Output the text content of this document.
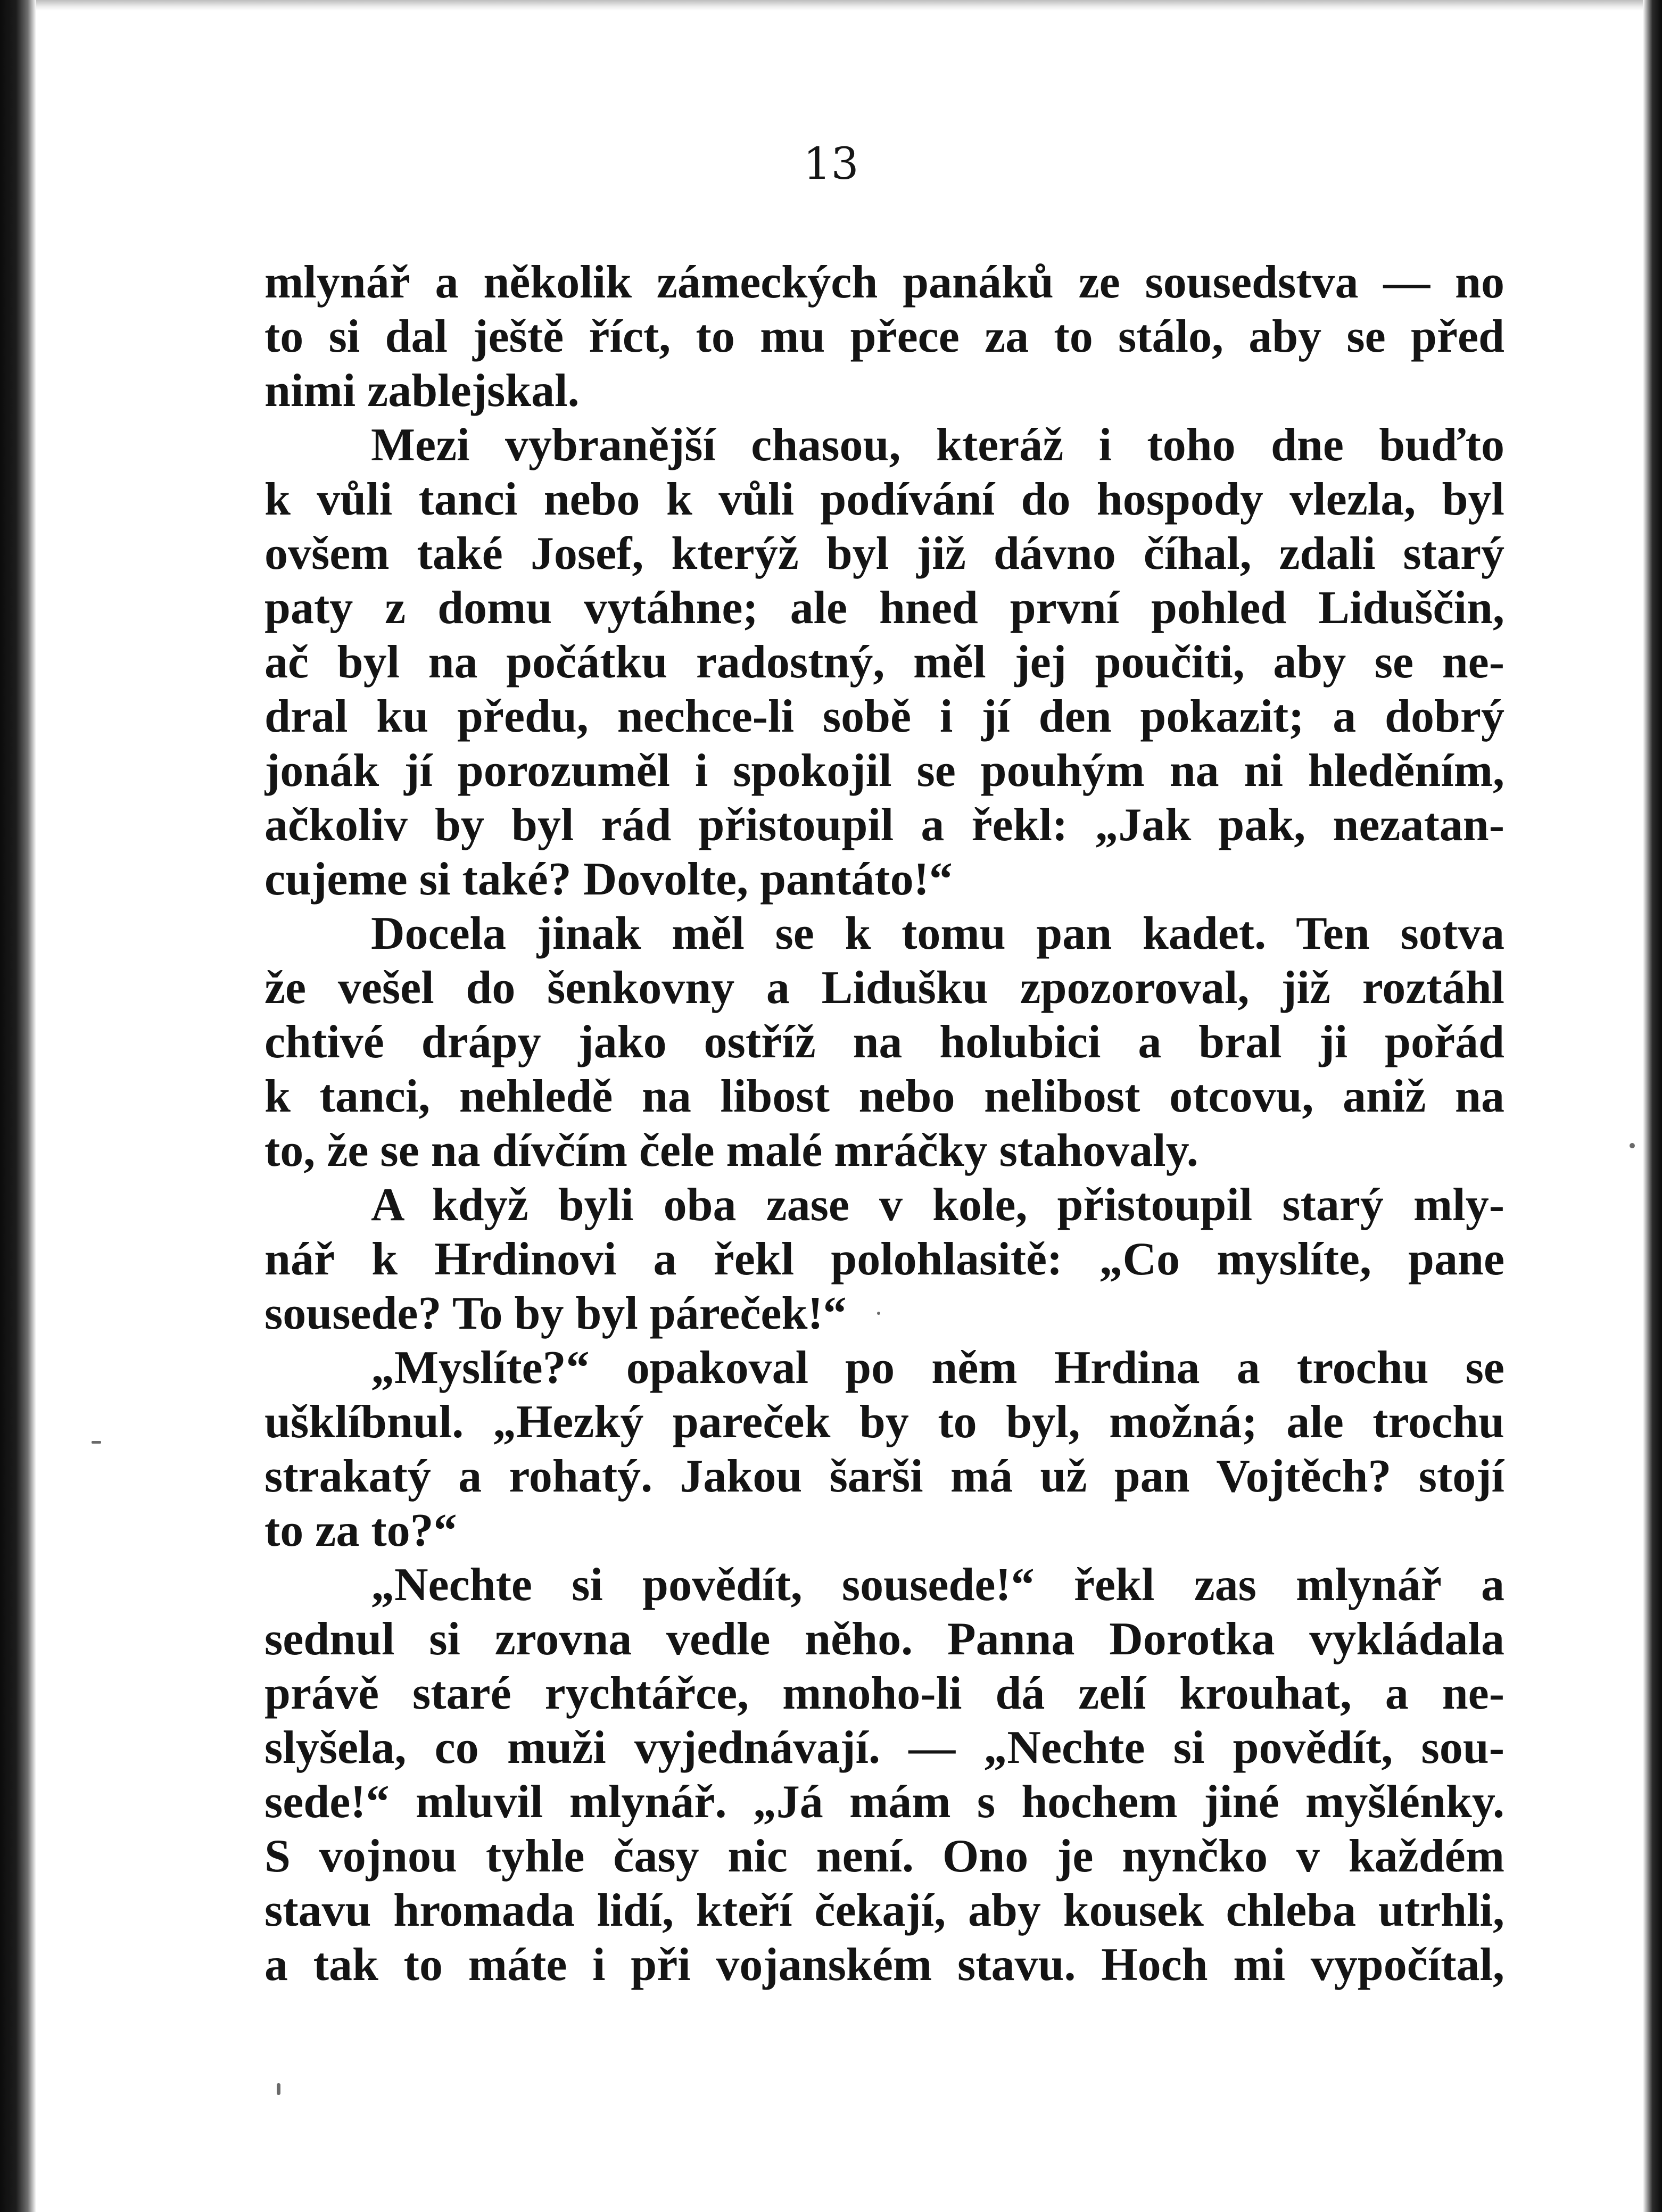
13

mlynář a několik zámeckých panáků ze sousedstva — no

to si dal ještě říct, to mu přece za to stálo, aby se před

nimi zablejskal.

Mezi vybranější chasou, kteráž i toho dne buďto

k vůli tanci nebo k vůli podívání do hospody vlezla, byl

ovšem také Josef, kterýž byl již dávno číhal, zdali starý

paty z domu vytáhne; ale hned první pohled Liduščin,

ač byl na počátku radostný, měl jej poučiti, aby se ne-

dral ku předu, nechce-li sobě i jí den pokazit; a dobrý

jonák jí porozuměl i spokojil se pouhým na ni hleděním,

ačkoliv by byl rád přistoupil a řekl: „Jak pak, nezatan-

cujeme si také? Dovolte, pantáto!“

Docela jinak měl se k tomu pan kadet. Ten sotva

že vešel do šenkovny a Lidušku zpozoroval, již roztáhl

chtivé drápy jako ostříž na holubici a bral ji pořád

k tanci, nehledě na libost nebo nelibost otcovu, aniž na

to, že se na dívčím čele malé mráčky stahovaly.

A když byli oba zase v kole, přistoupil starý mly-

nář k Hrdinovi a řekl polohlasitě: „Co myslíte, pane

sousede? To by byl páreček!“

„Myslíte?“ opakoval po něm Hrdina a trochu se

ušklíbnul. „Hezký pareček by to byl, možná; ale trochu

strakatý a rohatý. Jakou šarši má už pan Vojtěch? stojí

to za to?“

„Nechte si povědít, sousede!“ řekl zas mlynář a

sednul si zrovna vedle něho. Panna Dorotka vykládala

právě staré rychtářce, mnoho-li dá zelí krouhat, a ne-

slyšela, co muži vyjednávají. — „Nechte si povědít, sou-

sede!“ mluvil mlynář. „Já mám s hochem jiné myšlénky.

S vojnou tyhle časy nic není. Ono je nynčko v každém

stavu hromada lidí, kteří čekají, aby kousek chleba utrhli,

a tak to máte i při vojanském stavu. Hoch mi vypočítal,
